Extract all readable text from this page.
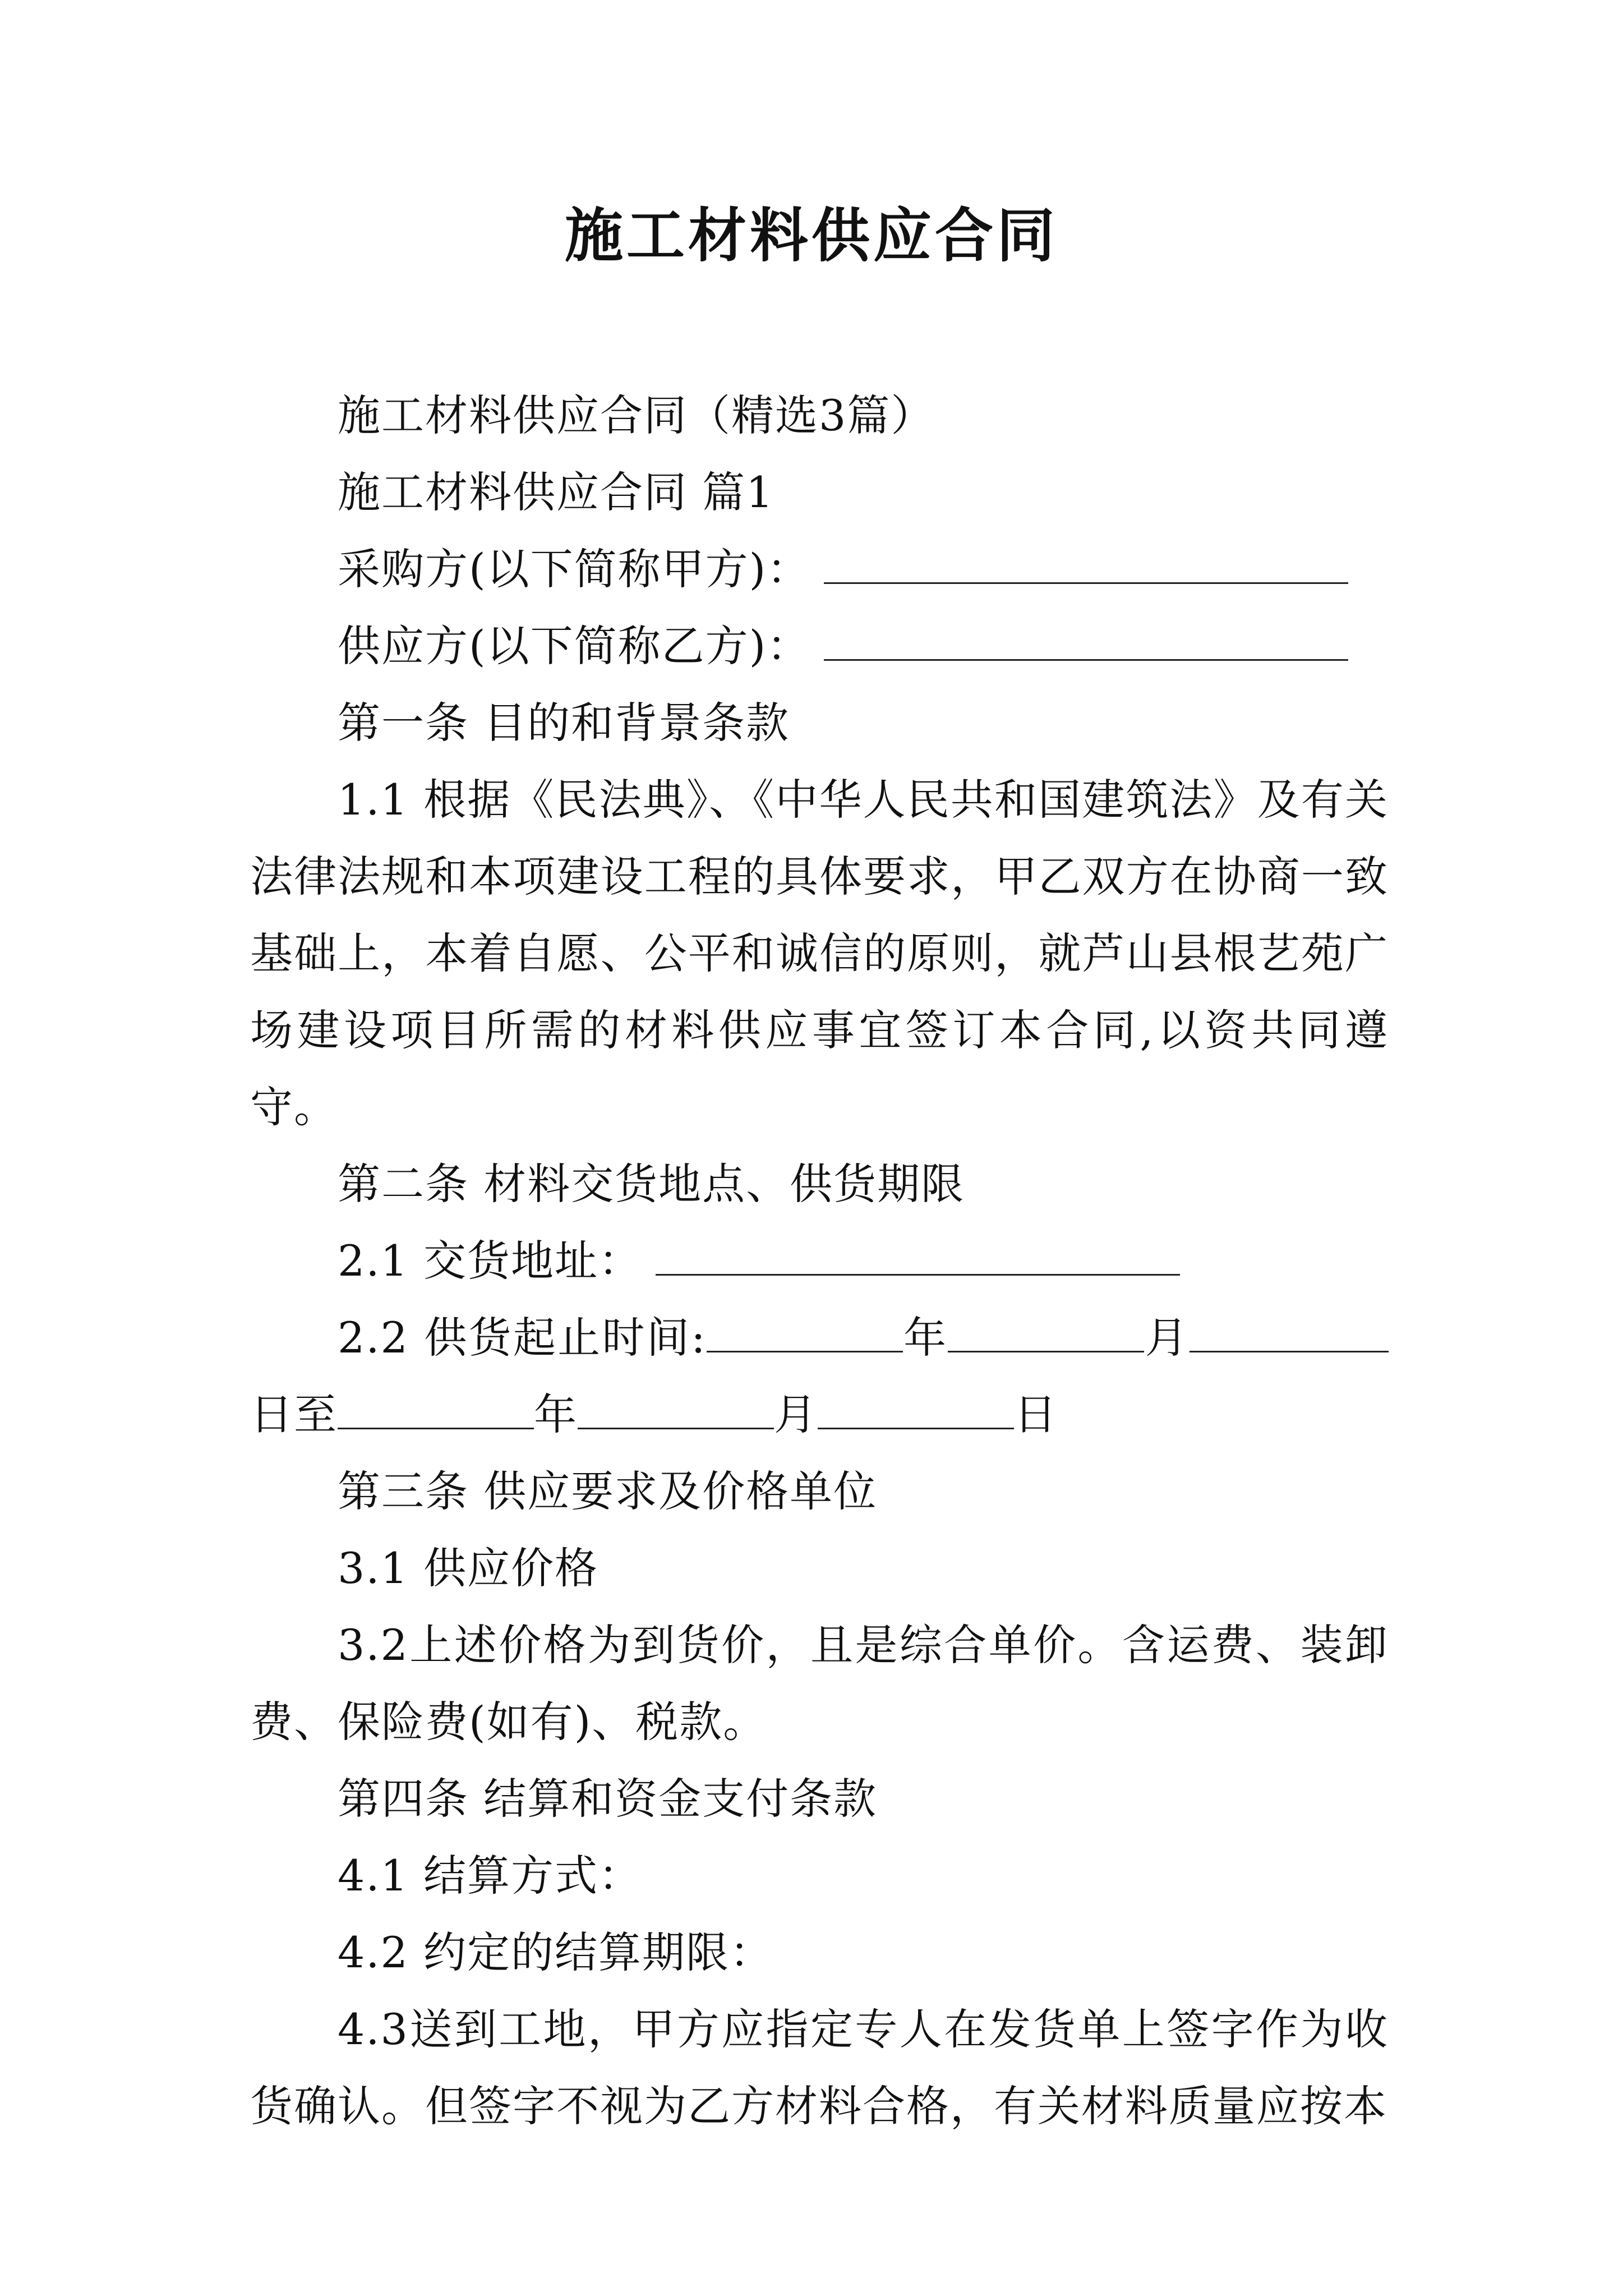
施工材料供应合同

施工材料供应合同（精选3篇）

施工材料供应合同 篇1

采购方(以下简称甲方)：

供应方(以下简称乙方)：

第一条 目的和背景条款

1.1 根据《民法典》、《中华人民共和国建筑法》及有关法律法规和本项建设工程的具体要求，甲乙双方在协商一致基础上，本着自愿、公平和诚信的原则，就芦山县根艺苑广场建设项目所需的材料供应事宜签订本合同,以资共同遵守。

第二条 材料交货地点、供货期限

2.1 交货地址：

2.2 供货起止时间:	年	月日至	年	月	日

第三条 供应要求及价格单位

3.1 供应价格

3.2上述价格为到货价，且是综合单价。含运费、装卸费、保险费(如有)、税款。

第四条 结算和资金支付条款

4.1 结算方式：

4.2 约定的结算期限：

4.3送到工地，甲方应指定专人在发货单上签字作为收货确认。但签字不视为乙方材料合格，有关材料质量应按本
